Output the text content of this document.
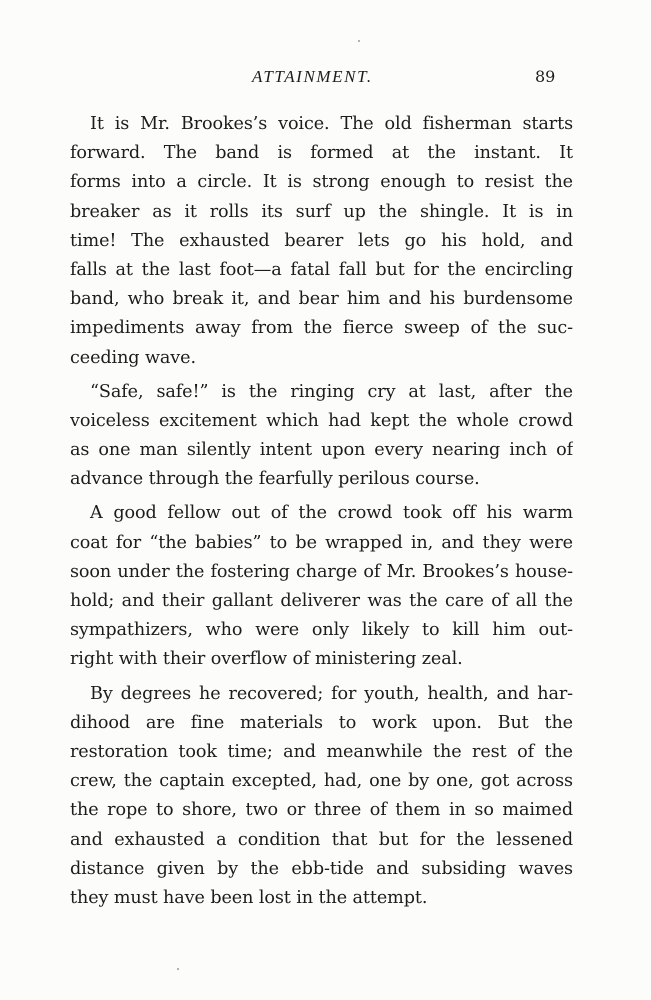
ATTAINMENT.	89
It is Mr. Brookes’s voice. The old fisherman starts
forward. The band is formed at the instant. It
forms into a circle. It is strong enough to resist the
breaker as it rolls its surf up the shingle. It is in
time! The exhausted bearer lets go his hold, and
falls at the last foot—a fatal fall but for the encircling
band, who break it, and bear him and his burdensome
impediments away from the fierce sweep of the suc-
ceeding wave.
“Safe, safe!” is the ringing cry at last, after the
voiceless excitement which had kept the whole crowd
as one man silently intent upon every nearing inch of
advance through the fearfully perilous course.
A good fellow out of the crowd took off his warm
coat for “the babies” to be wrapped in, and they were
soon under the fostering charge of Mr. Brookes’s house-
hold; and their gallant deliverer was the care of all the
sympathizers, who were only likely to kill him out-
right with their overflow of ministering zeal.
By degrees he recovered; for youth, health, and har-
dihood are fine materials to work upon. But the
restoration took time; and meanwhile the rest of the
crew, the captain excepted, had, one by one, got across
the rope to shore, two or three of them in so maimed
and exhausted a condition that but for the lessened
distance given by the ebb-tide and subsiding waves
they must have been lost in the attempt.
